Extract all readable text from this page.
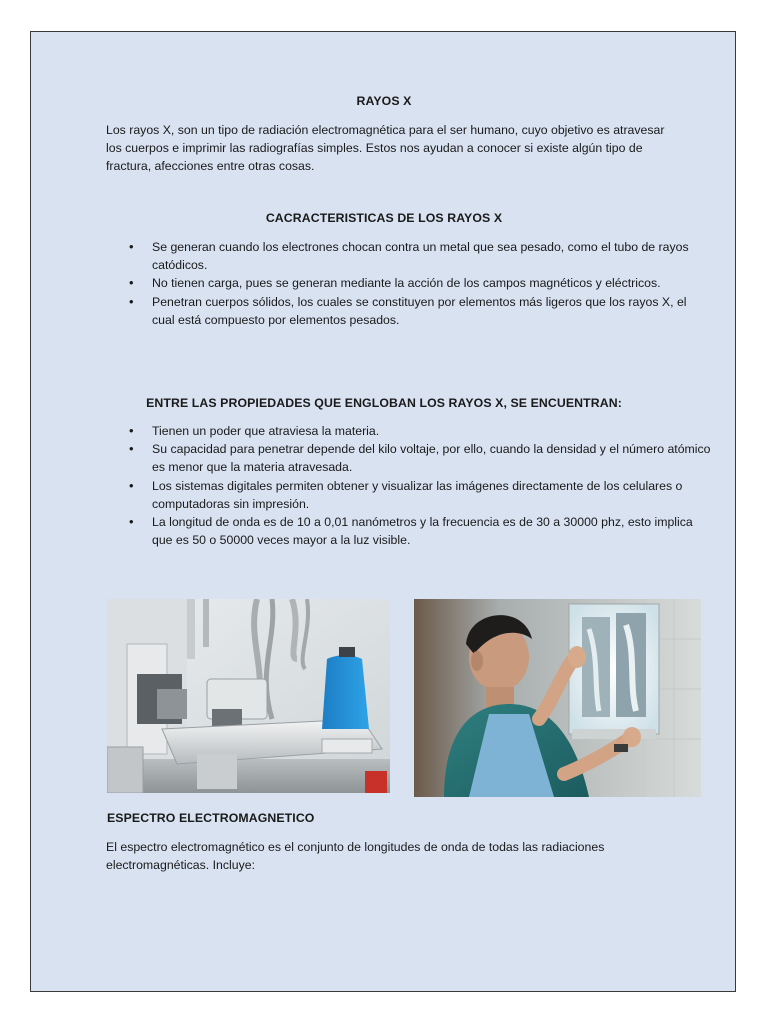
RAYOS X

Los rayos X, son un tipo de radiación electromagnética para el ser humano, cuyo objetivo es atravesar los cuerpos e imprimir las radiografías simples. Estos nos ayudan a conocer si existe algún tipo de fractura, afecciones entre otras cosas.

CACRACTERISTICAS DE LOS RAYOS X
• Se generan cuando los electrones chocan contra un metal que sea pesado, como el tubo de rayos catódicos.
• No tienen carga, pues se generan mediante la acción de los campos magnéticos y eléctricos.
• Penetran cuerpos sólidos, los cuales se constituyen por elementos más ligeros que los rayos X, el cual está compuesto por elementos pesados.
ENTRE LAS PROPIEDADES QUE ENGLOBAN LOS RAYOS X, SE ENCUENTRAN:
• Tienen un poder que atraviesa la materia.
• Su capacidad para penetrar depende del kilo voltaje, por ello, cuando la densidad y el número atómico es menor que la materia atravesada.
• Los sistemas digitales permiten obtener y visualizar las imágenes directamente de los celulares o computadoras sin impresión.
• La longitud de onda es de 10 a 0,01 nanómetros y la frecuencia es de 30 a 30000 phz, esto implica que es 50 o 50000 veces mayor a la luz visible.
ESPECTRO ELECTROMAGNETICO

El espectro electromagnético es el conjunto de longitudes de onda de todas las radiaciones electromagnéticas. Incluye:
